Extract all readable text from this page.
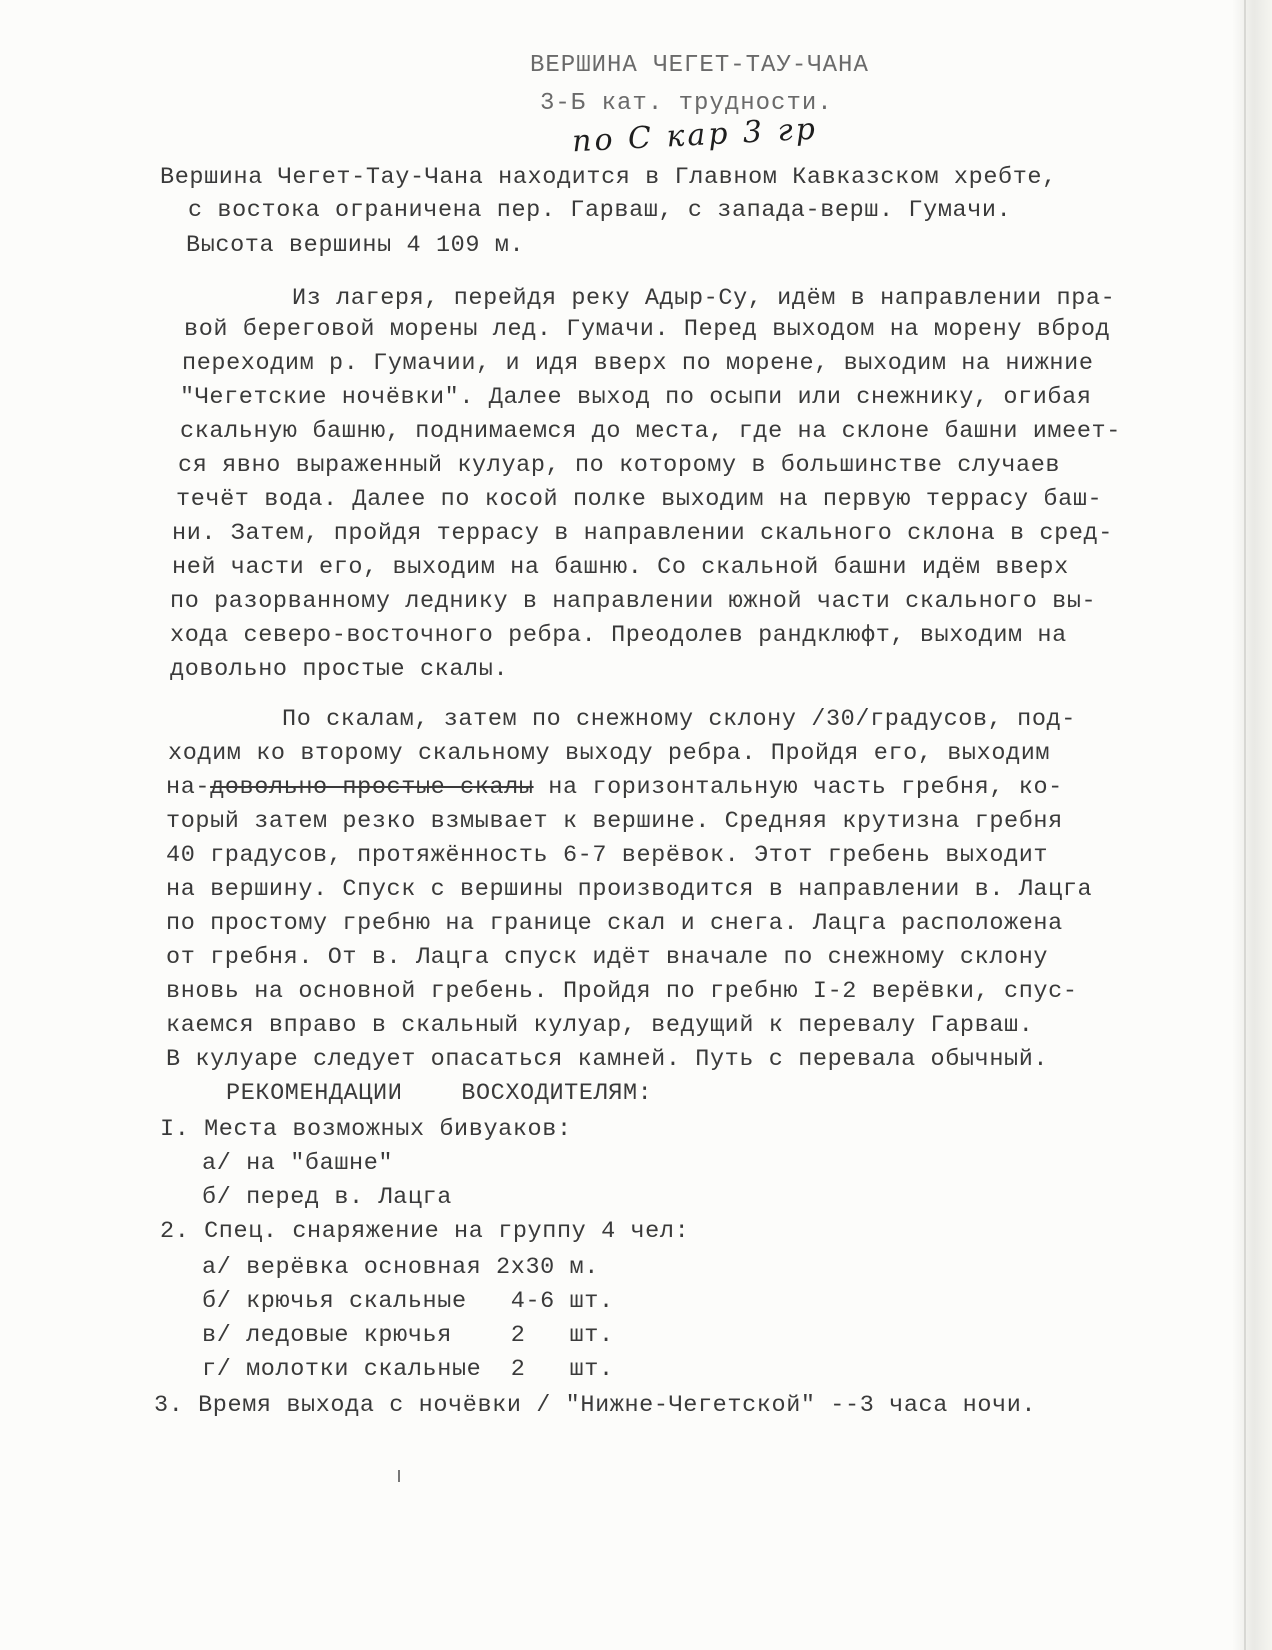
ВЕРШИНА ЧЕГЕТ-ТАУ-ЧАНА
3-Б кат. трудности.
по С кар 3 гр
Вершина Чегет-Тау-Чана находится в Главном Кавказском хребте,
с востока ограничена пер. Гарваш, с запада-верш. Гумачи.
Высота вершины 4 109 м.
Из лагеря, перейдя реку Адыр-Су, идём в направлении пра-
вой береговой морены лед. Гумачи. Перед выходом на морену вброд
переходим р. Гумачии, и идя вверх по морене, выходим на нижние
"Чегетские ночёвки". Далее выход по осыпи или снежнику, огибая
скальную башню, поднимаемся до места, где на склоне башни имеет-
ся явно выраженный кулуар, по которому в большинстве случаев
течёт вода. Далее по косой полке выходим на первую террасу баш-
ни. Затем, пройдя террасу в направлении скального склона в сред-
ней части его, выходим на башню. Со скальной башни идём вверх
по разорванному леднику в направлении южной части скального вы-
хода северо-восточного ребра. Преодолев рандклюфт, выходим на
довольно простые скалы.
По скалам, затем по снежному склону /30/градусов, под-
ходим ко второму скальному выходу ребра. Пройдя его, выходим
на-довольно простые скалы на горизонтальную часть гребня, ко-
торый затем резко взмывает к вершине. Средняя крутизна гребня
40 градусов, протяжённость 6-7 верёвок. Этот гребень выходит
на вершину. Спуск с вершины производится в направлении в. Лацга
по простому гребню на границе скал и снега. Лацга расположена
от гребня. От в. Лацга спуск идёт вначале по снежному склону
вновь на основной гребень. Пройдя по гребню I-2 верёвки, спус-
каемся вправо в скальный кулуар, ведущий к перевалу Гарваш.
В кулуаре следует опасаться камней. Путь с перевала обычный.
РЕКОМЕНДАЦИИ    ВОСХОДИТЕЛЯМ:
I. Места возможных бивуаков:
а/ на "башне"
б/ перед в. Лацга
2. Спец. снаряжение на группу 4 чел:
а/ верёвка основная 2х30 м.
б/ крючья скальные   4-6 шт.
в/ ледовые крючья    2   шт.
г/ молотки скальные  2   шт.
3. Время выхода с ночёвки / "Нижне-Чегетской" --3 часа ночи.
